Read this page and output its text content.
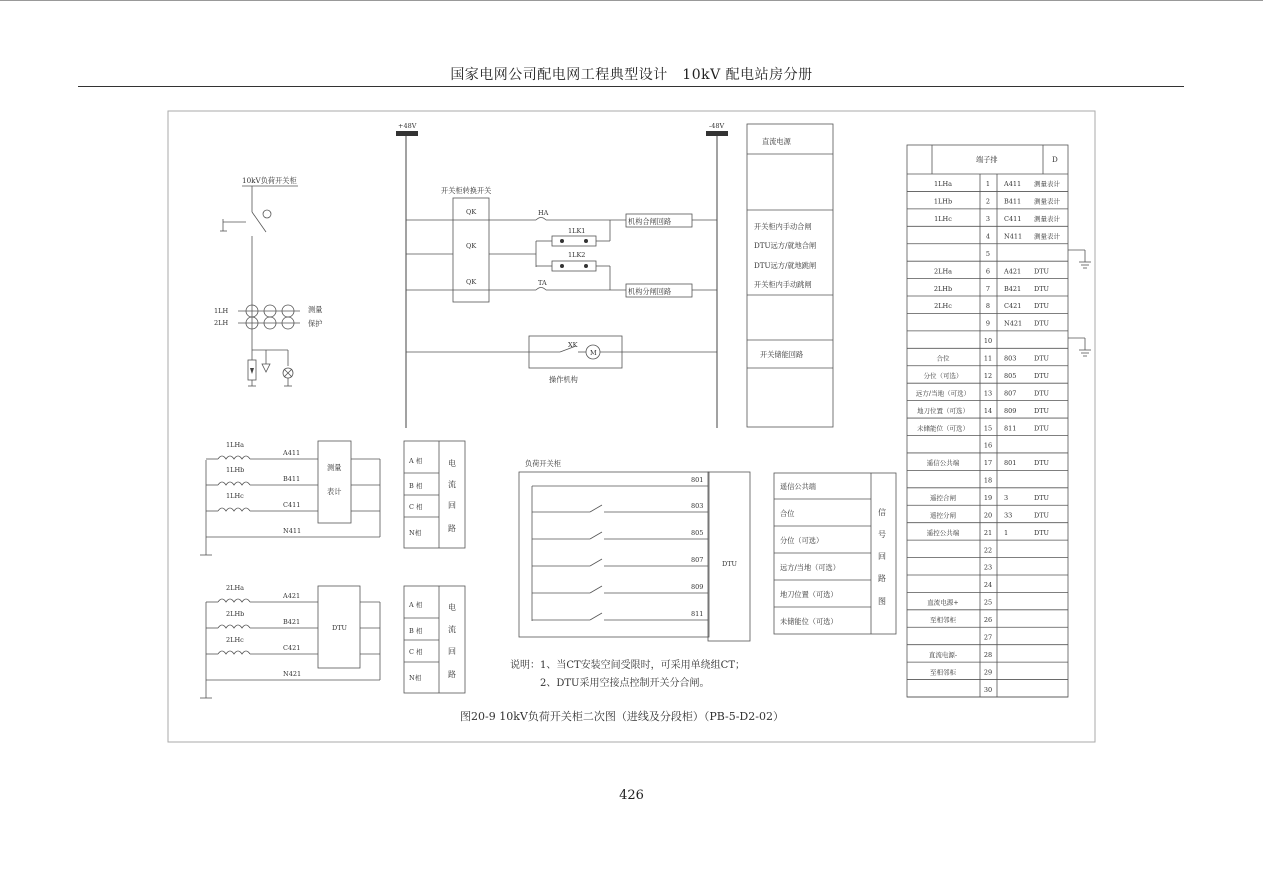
国家电网公司配电网工程典型设计　10kV 配电站房分册
426
10kV负荷开关柜
1LH
2LH
测量
保护
+48V	-48V
开关柜转换开关
QK
QK
QK
HA
机构合闸回路
1LK1
1LK2
TA
机构分闸回路
XK
M
操作机构
直流电源
开关柜内手动合闸
DTU远方/就地合闸
DTU远方/就地跳闸
开关柜内手动跳闸
开关储能回路
1LHa
1LHb
1LHc
A411
B411
C411
N411
测量
表计
A 相
B 相
C 相
N相
电
流
回
路
2LHa
2LHb
2LHc
A421
B421
C421
N421
DTU
A 相
B 相
C 相
N相
电
流
回
路
负荷开关柜
801
803
805
807
809
811
DTU
遥信公共端
合位
分位（可选）
远方/当地（可选）
地刀位置（可选）
未储能位（可选）
信
号
回
路
图
说明：1、当CT安装空间受限时，可采用单绕组CT；
2、DTU采用空接点控制开关分合闸。
图20-9 10kV负荷开关柜二次图（进线及分段柜）（PB-5-D2-02）
端子排	D
1LHa	1 A411 测量表计
1LHb	2 B411 测量表计
1LHc	3 C411 测量表计
4 N411 测量表计
5
2LHa	6 A421 DTU
2LHb	7 B421 DTU
2LHc	8 C421 DTU
9 N421 DTU
10
合位	11 803	DTU
分位（可选）	12 805	DTU
远方/当地（可选） 13 807	DTU
地刀位置（可选） 14 809	DTU
未储能位（可选） 15 811	DTU
16
遥信公共端	17 801	DTU
18
遥控合闸	19 3	DTU
遥控分闸	20 33	DTU
遥控公共端	21 1	DTU
22
23
24
直流电源+	25
至相邻柜	26
27
直流电源-	28
至相邻柜	29
30
